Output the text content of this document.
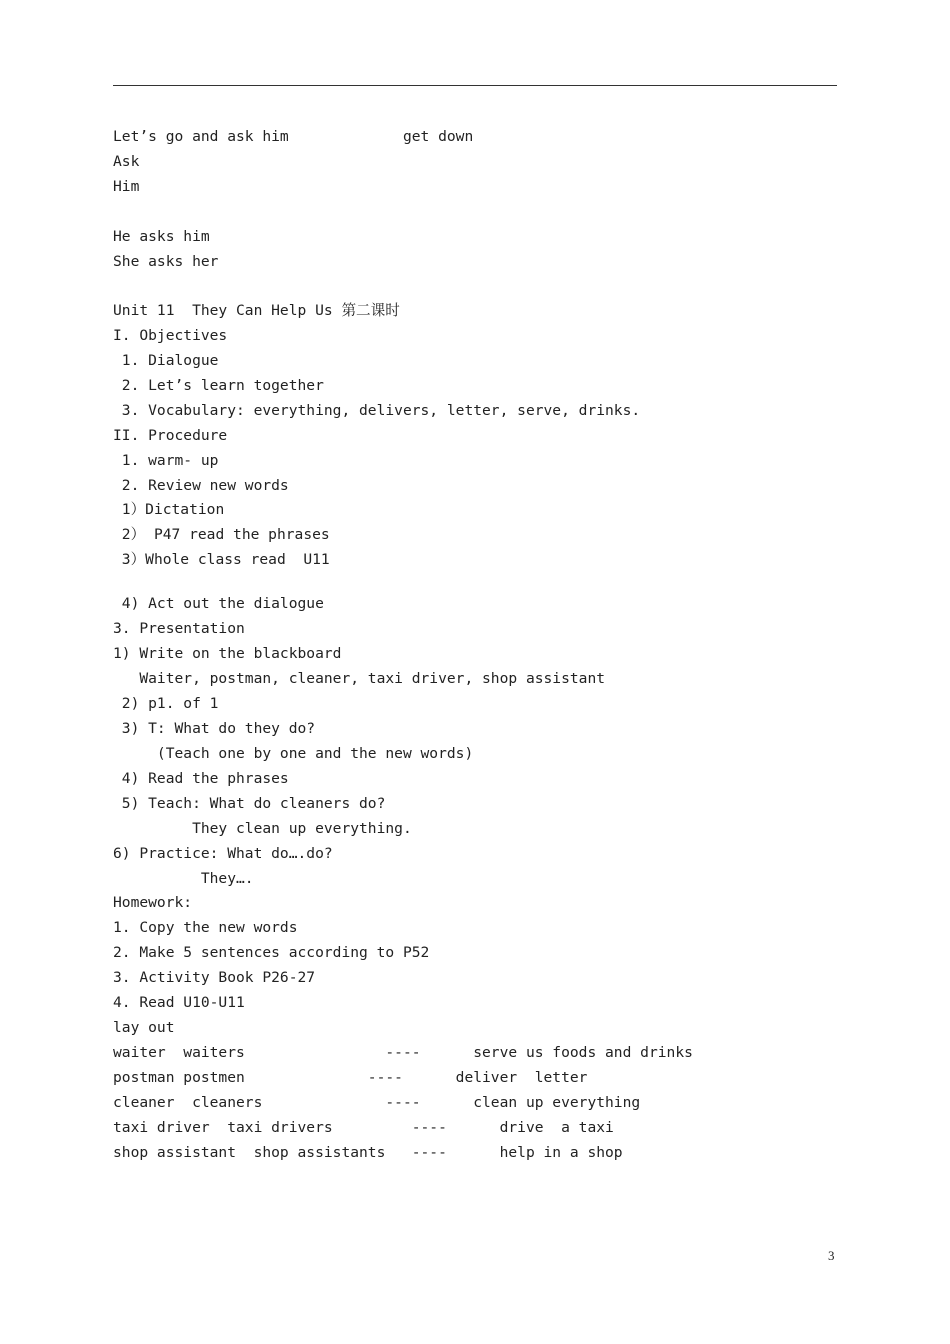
Let’s go and ask him             get down
Ask
Him
He asks him
She asks her
Unit 11  They Can Help Us 第二课时
I. Objectives
1. Dialogue
2. Let’s learn together
3. Vocabulary: everything, delivers, letter, serve, drinks.
II. Procedure
1. warm- up
2. Review new words
1）Dictation
2） P47 read the phrases
3）Whole class read  U11
4) Act out the dialogue
3. Presentation
1) Write on the blackboard
Waiter, postman, cleaner, taxi driver, shop assistant
2) p1. of 1
3) T: What do they do?
(Teach one by one and the new words)
4) Read the phrases
5) Teach: What do cleaners do?
They clean up everything.
6) Practice: What do….do?
They….
Homework:
1. Copy the new words
2. Make 5 sentences according to P52
3. Activity Book P26-27
4. Read U10-U11
lay out
waiter  waiters                ----      serve us foods and drinks
postman postmen              ----      deliver  letter
cleaner  cleaners              ----      clean up everything
taxi driver  taxi drivers         ----      drive  a taxi
shop assistant  shop assistants   ----      help in a shop
3
